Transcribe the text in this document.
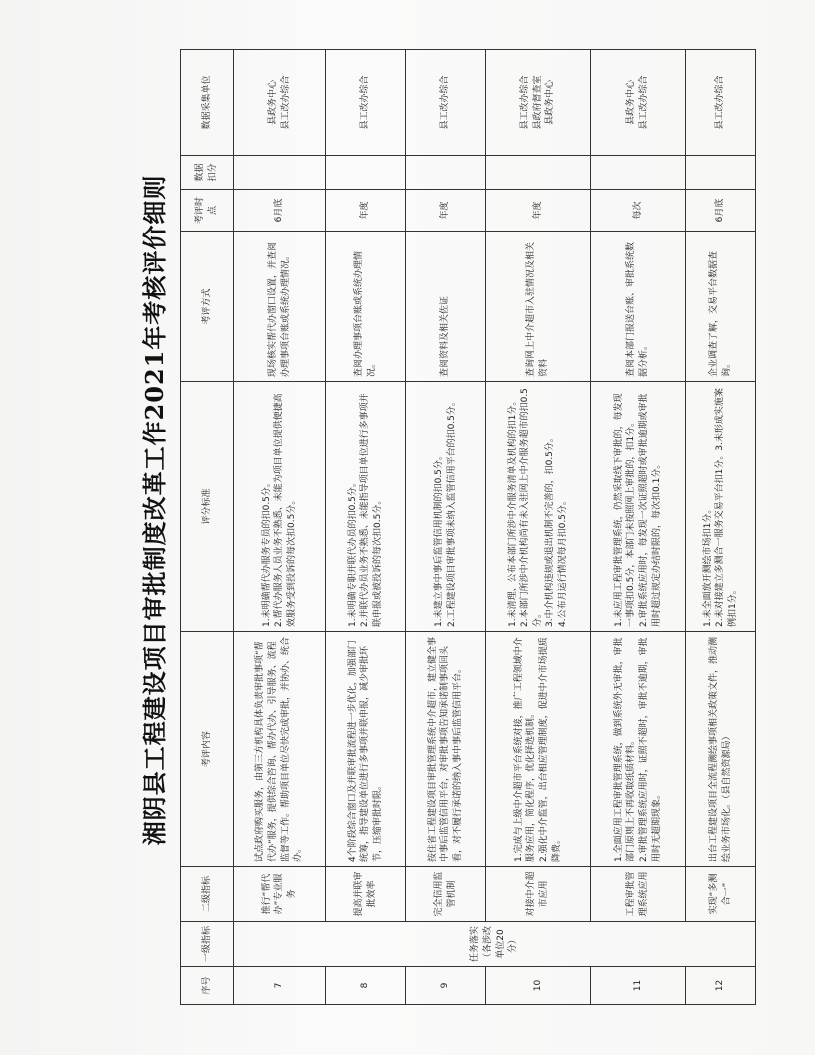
湘阴县工程建设项目审批制度改革工作2021年考核评价细则
序号	一级指标	二级指标	考评内容	评分标准	考评方式	考评时点	数据扣分	数据采集单位
7	任务落实（各涉改单位20分）	推行“帮代办”专业服务	试点政府购买服务，由第三方机构具体负责审批事项“帮代办”服务，提供综合咨询、帮办代办、引导服务、流程监督等工作。帮助项目单位尽快完成审批，并协办、统合办。	1.未明确帮代办服务专员的扣0.5分。
2.帮代办服务人员业务不熟悉、未能为项目单位提供便捷高效服务受到投诉的每次扣0.5分。	现场核实帮代办窗口设置，并查阅办理事项台账或系统办理情况。	6月底		县政务中心
县工改办综合
8		提高并联审批效率	4个阶段综合窗口及并联审批流程进一步优化，加强部门统筹，指导建设单位进行多事项并联申报，减少审批环节，压缩审批时限。	1.未明确专职并联代办员的扣0.5分。
2.并联代办员业务不熟悉、未能指导项目单位进行多事项并联申报或被投诉的每次扣0.5分。	查阅办理事项台账或系统办理情况。	年度		县工改办综合
9		完全信用监管机制	按住省工程建设项目审批管理系统中介超市，建立健全事中事后监管信用平台，对审批事项告知承诺制事项回头看，对不履行承诺的纳入事中事后监管信用平台。	1.未建立事中事后监管信用机制的扣0.5分。
2.工程建设项目审批事项未纳入监管信用平台的扣0.5分。	查阅资料及相关佐证	年度		县工改办综合
10		对接中介超市应用	1.完成与上级中介超市平台系统对接，推广工程领域中介服务应用，简化程序，优化择选机制。
2.强化中介监管，出台相应管理制度，促进中介市场提质降费。	1.未清理、公布本部门所涉中介服务清单及机构的扣1分。
2.本部门所涉中介机构尚有未入驻网上中介服务超市的扣0.5分。
3.中介机构违规或退出机制不完善的，扣0.5分。
4.公布月运行情况每月扣0.5分。	查询网上中介超市入驻情况及相关资料	年度		县工改办综合
县政府督查室
县政务中心
11		工程审批管理系统应用	1.全面应用工程审批管理系统，做到系统外无审批，审批部门原则上不再收取纸质材料。
2.审批管理系统应用时，证照不超时，审批不逾期，审批用时无超期现象。	1.未应用工程审批管理系统，仍然采取线下审批的，每发现一事项扣0.5分，本部门未按照网上审批的，扣1分。
2.审批系统应用时，每发现一次证照超时或审批逾期或审批用时超过规定办结时限的，每次扣0.1分。	查阅本部门报送台账、审批系统数据分析。	每次		县政务中心
县工改办综合
12		实现“多测合一”	出台工程建设项目全流程测绘事项相关政策文件，推动测绘业务市场化。（县自然资源局）	1.未全面放开测绘市场扣1分。
2.未对接建立多测合一服务交易平台扣1分。3.未形成实施案例扣1分。	企业调查了解，交易平台数据查询。	6月底		县工改办综合
